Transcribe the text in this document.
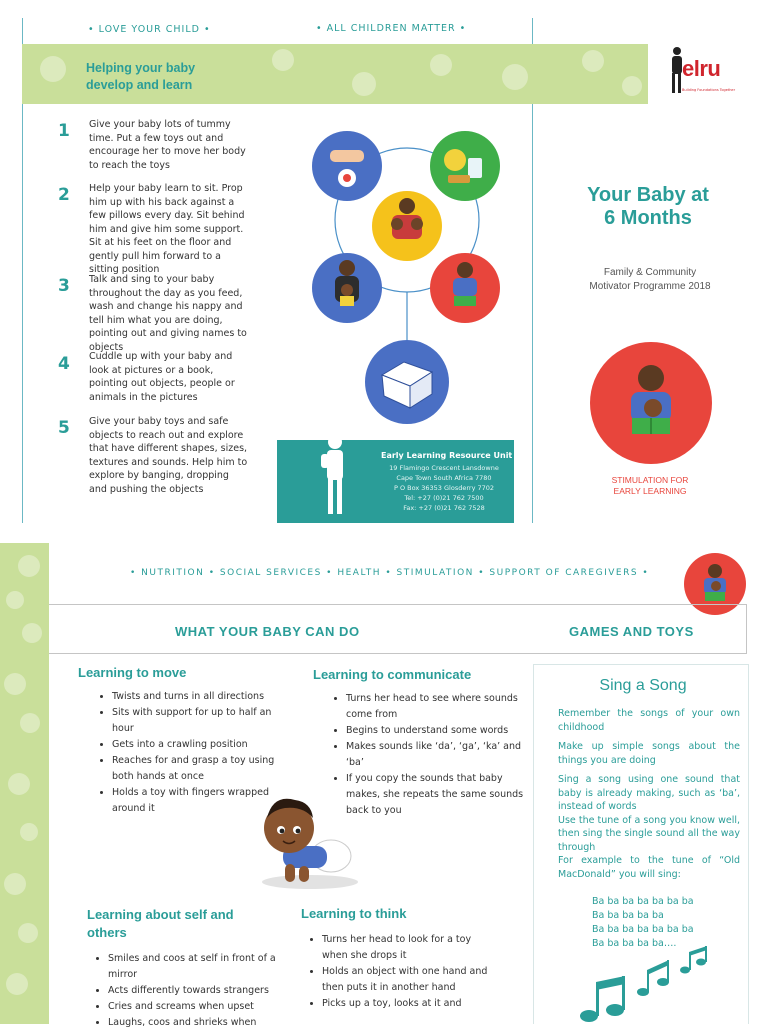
• LOVE YOUR CHILD •	• ALL CHILDREN MATTER •
Helping your baby develop and learn
1 Give your baby lots of tummy time. Put a few toys out and encourage her to move her body to reach the toys
2 Help your baby learn to sit. Prop him up with his back against a few pillows every day. Sit behind him and give him some support. Sit at his feet on the floor and gently pull him forward to a sitting position
3 Talk and sing to your baby throughout the day as you feed, wash and change his nappy and tell him what you are doing, pointing out and giving names to objects
4 Cuddle up with your baby and look at pictures or a book, pointing out objects, people or animals in the pictures
5 Give your baby toys and safe objects to reach out and explore that have different shapes, sizes, textures and sounds. Help him to explore by banging, dropping and pushing the objects
Early Learning Resource Unit
19 Flamingo Crescent Lansdowne
Cape Town South Africa 7780
P O Box 36353 Glosderry 7702
Tel: +27 (0)21 762 7500
Fax: +27 (0)21 762 7528
elru
Building Foundations Together
Your Baby at
6 Months
Family & Community
Motivator Programme 2018
STIMULATION FOR
EARLY LEARNING
• NUTRITION • SOCIAL SERVICES • HEALTH • STIMULATION • SUPPORT OF CAREGIVERS •
WHAT YOUR BABY CAN DO	GAMES AND TOYS
Learning to move
• Twists and turns in all directions
• Sits with support for up to half an hour
• Gets into a crawling position
• Reaches for and grasp a toy using both hands at once
• Holds a toy with fingers wrapped around it
Learning to communicate
• Turns her head to see where sounds come from
• Begins to understand some words
• Makes sounds like ‘da’, ‘ga’, ‘ka’ and ‘ba’
• If you copy the sounds that baby makes, she repeats the same sounds back to you
Learning about self and others
• Smiles and coos at self in front of a mirror
• Acts differently towards strangers
• Cries and screams when upset
• Laughs, coos and shrieks when
Learning to think
• Turns her head to look for a toy when she drops it
• Holds an object with one hand and then puts it in another hand
• Picks up a toy, looks at it and
Sing a Song

Remember the songs of your own childhood

Make up simple songs about the things you are doing

Sing a song using one sound that baby is already making, such as ‘ba’, instead of words

Use the tune of a song you know well, then sing the single sound all the way through

For example to the tune of “Old MacDonald” you will sing:

Ba ba ba ba ba ba ba
Ba ba ba ba ba
Ba ba ba ba ba ba ba
Ba ba ba ba ba….
